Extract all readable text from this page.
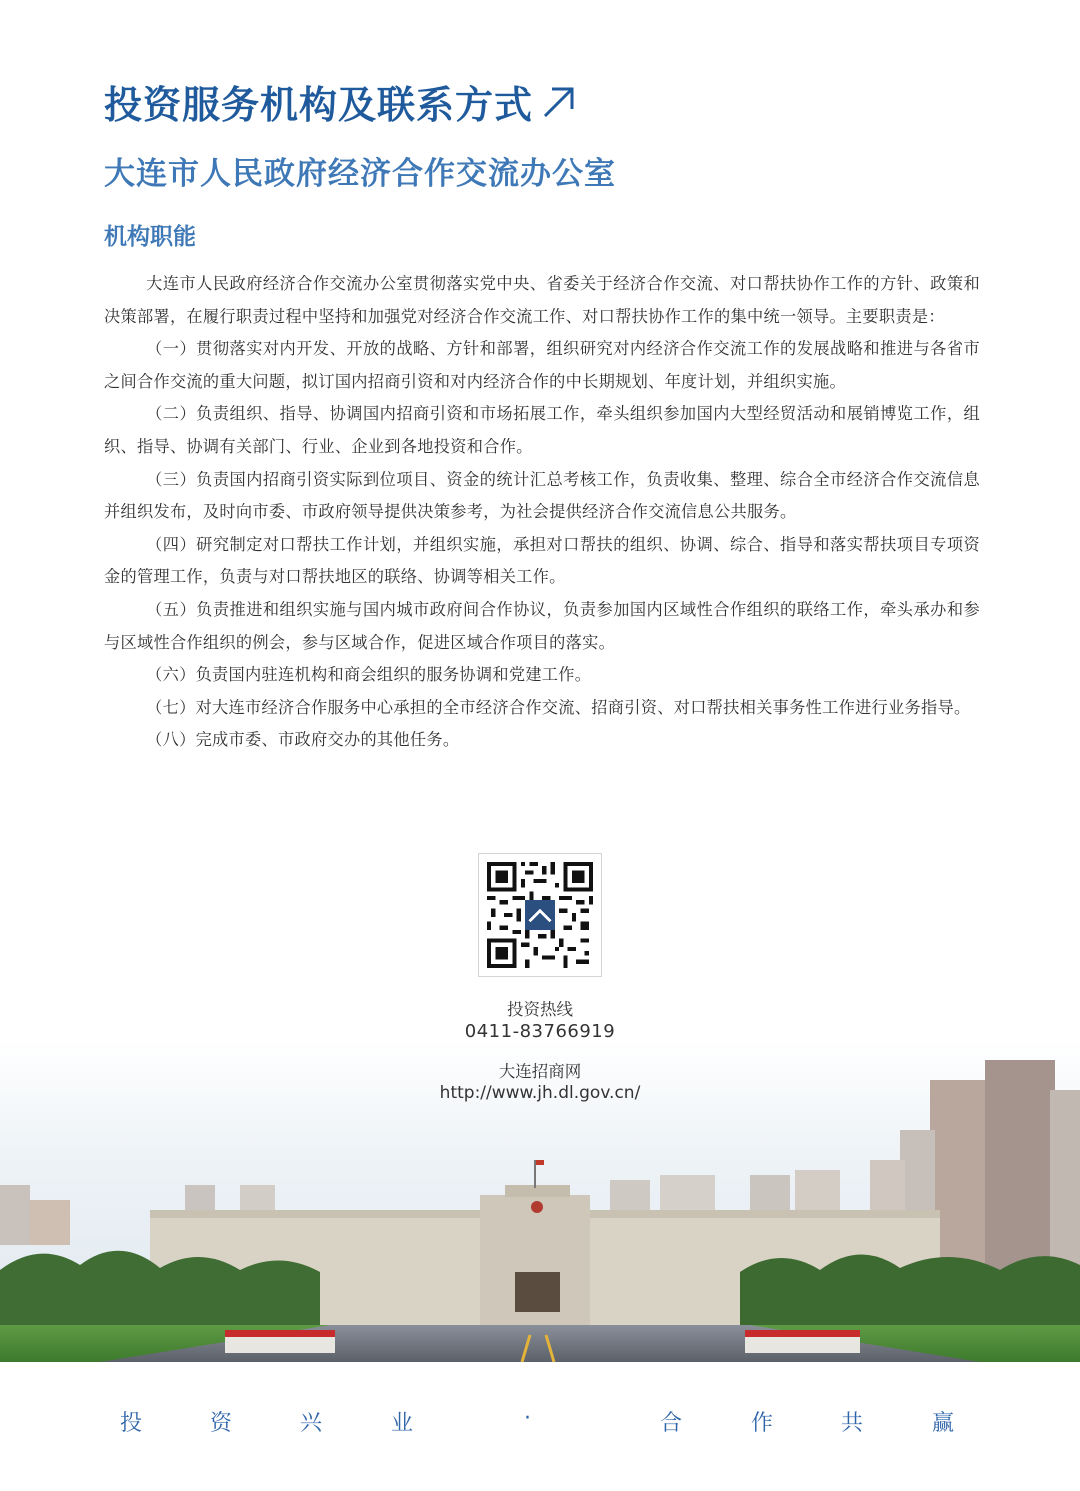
投资服务机构及联系方式
大连市人民政府经济合作交流办公室
机构职能

大连市人民政府经济合作交流办公室贯彻落实党中央、省委关于经济合作交流、对口帮扶协作工作的方针、政策和决策部署，在履行职责过程中坚持和加强党对经济合作交流工作、对口帮扶协作工作的集中统一领导。主要职责是：

（一）贯彻落实对内开发、开放的战略、方针和部署，组织研究对内经济合作交流工作的发展战略和推进与各省市之间合作交流的重大问题，拟订国内招商引资和对内经济合作的中长期规划、年度计划，并组织实施。

（二）负责组织、指导、协调国内招商引资和市场拓展工作，牵头组织参加国内大型经贸活动和展销博览工作，组织、指导、协调有关部门、行业、企业到各地投资和合作。

（三）负责国内招商引资实际到位项目、资金的统计汇总考核工作，负责收集、整理、综合全市经济合作交流信息并组织发布，及时向市委、市政府领导提供决策参考，为社会提供经济合作交流信息公共服务。

（四）研究制定对口帮扶工作计划，并组织实施，承担对口帮扶的组织、协调、综合、指导和落实帮扶项目专项资金的管理工作，负责与对口帮扶地区的联络、协调等相关工作。

（五）负责推进和组织实施与国内城市政府间合作协议，负责参加国内区域性合作组织的联络工作，牵头承办和参与区域性合作组织的例会，参与区域合作，促进区域合作项目的落实。

（六）负责国内驻连机构和商会组织的服务协调和党建工作。

（七）对大连市经济合作服务中心承担的全市经济合作交流、招商引资、对口帮扶相关事务性工作进行业务指导。

（八）完成市委、市政府交办的其他任务。

投资热线
0411-83766919
大连招商网
http://www.jh.dl.gov.cn/
投	资	兴	业	·	合	作	共	赢
